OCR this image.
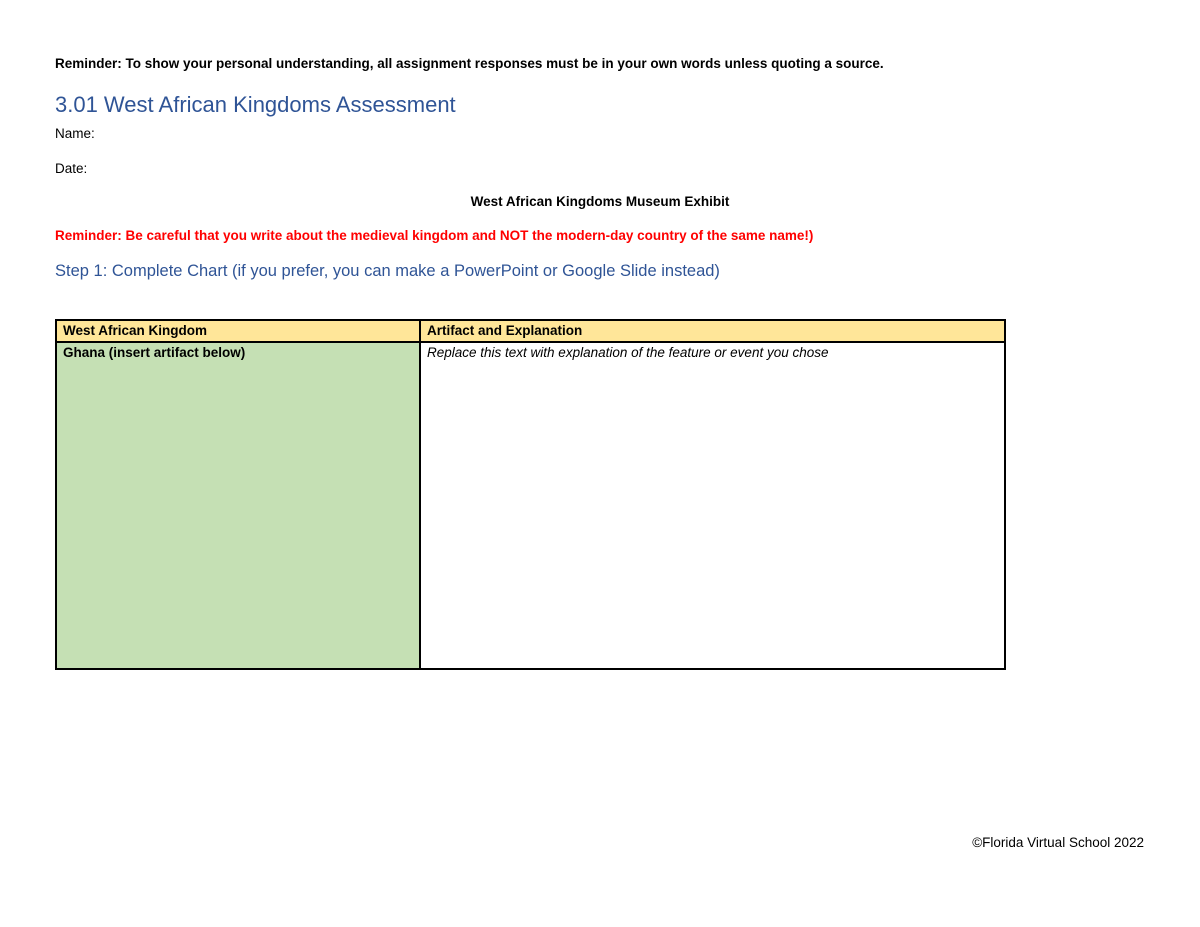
Reminder: To show your personal understanding, all assignment responses must be in your own words unless quoting a source.
3.01 West African Kingdoms Assessment
Name:
Date:
West African Kingdoms Museum Exhibit
Reminder: Be careful that you write about the medieval kingdom and NOT the modern-day country of the same name!)
Step 1: Complete Chart (if you prefer, you can make a PowerPoint or Google Slide instead)
West African Kingdom	Artifact and Explanation
Ghana (insert artifact below)	Replace this text with explanation of the feature or event you chose
©Florida Virtual School 2022
